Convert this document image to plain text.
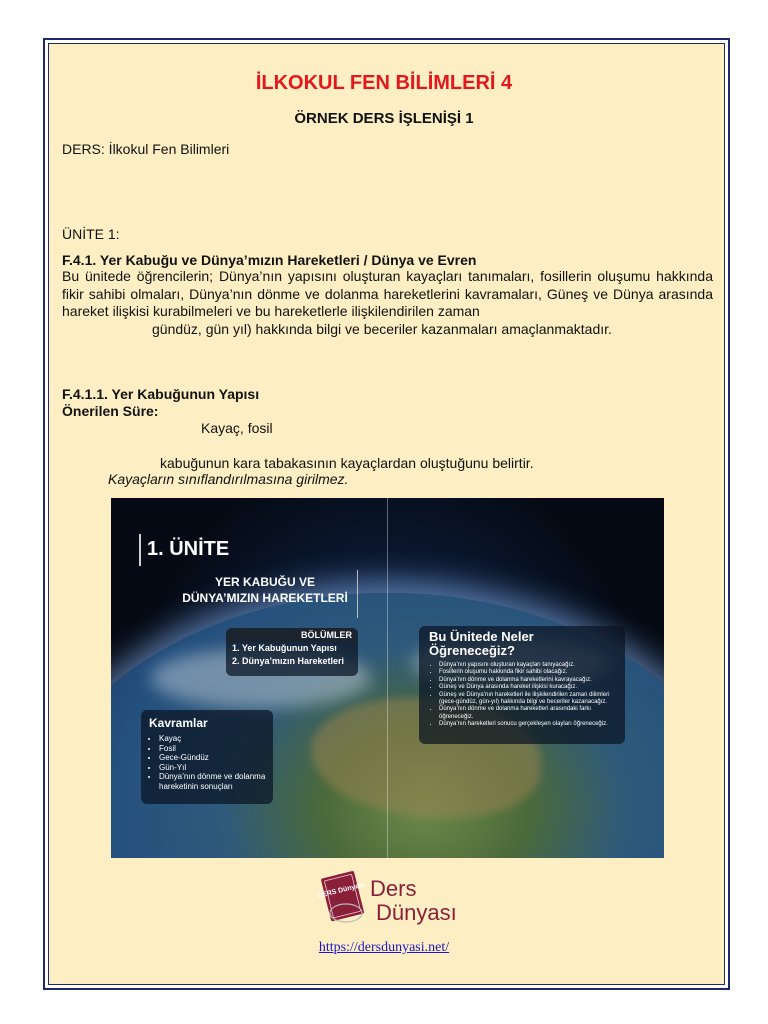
İLKOKUL FEN BİLİMLERİ 4
ÖRNEK DERS İŞLENİŞİ 1
DERS: İlkokul Fen Bilimleri
ÜNİTE 1:
F.4.1. Yer Kabuğu ve Dünya’mızın Hareketleri / Dünya ve Evren
Bu ünitede öğrencilerin; Dünya’nın yapısını oluşturan kayaçları tanımaları, fosillerin oluşumu hakkında fikir sahibi olmaları, Dünya’nın dönme ve dolanma hareketlerini kavramaları, Güneş ve Dünya arasında hareket ilişkisi kurabilmeleri ve bu hareketlerle ilişkilendirilen zaman
gündüz, gün yıl) hakkında bilgi ve beceriler kazanmaları amaçlanmaktadır.
F.4.1.1. Yer Kabuğunun Yapısı
Önerilen Süre:
Kayaç, fosil
kabuğunun kara tabakasının kayaçlardan oluştuğunu belirtir.
Kayaçların sınıflandırılmasına girilmez.
1. ÜNİTE
YER KABUĞU VE
DÜNYA’MIZIN HAREKETLERİ
BÖLÜMLER
1. Yer Kabuğunun Yapısı
2. Dünya’mızın Hareketleri
Kavramlar
• Kayaç
• Fosil
• Gece-Gündüz
• Gün-Yıl
• Dünya’nın dönme ve dolanma hareketinin sonuçları
Bu Ünitede Neler
Öğreneceğiz?
• Dünya’nın yapısını oluşturan kayaçları tanıyacağız.
• Fosillerin oluşumu hakkında fikir sahibi olacağız.
• Dünya’nın dönme ve dolanma hareketlerini kavrayacağız.
• Güneş ve Dünya arasında hareket ilişkisi kuracağız.
• Güneş ve Dünya’nın hareketleri ile ilişkilendirilen zaman dilimleri (gece-gündüz, gün-yıl) hakkında bilgi ve beceriler kazanacağız.
• Dünya’nın dönme ve dolanma hareketleri arasındaki farkı öğreneceğiz.
• Dünya’nın hareketleri sonucu gerçekleşen olayları öğreneceğiz.
DERS Dünyası Ders
Dünyası
https://dersdunyasi.net/
